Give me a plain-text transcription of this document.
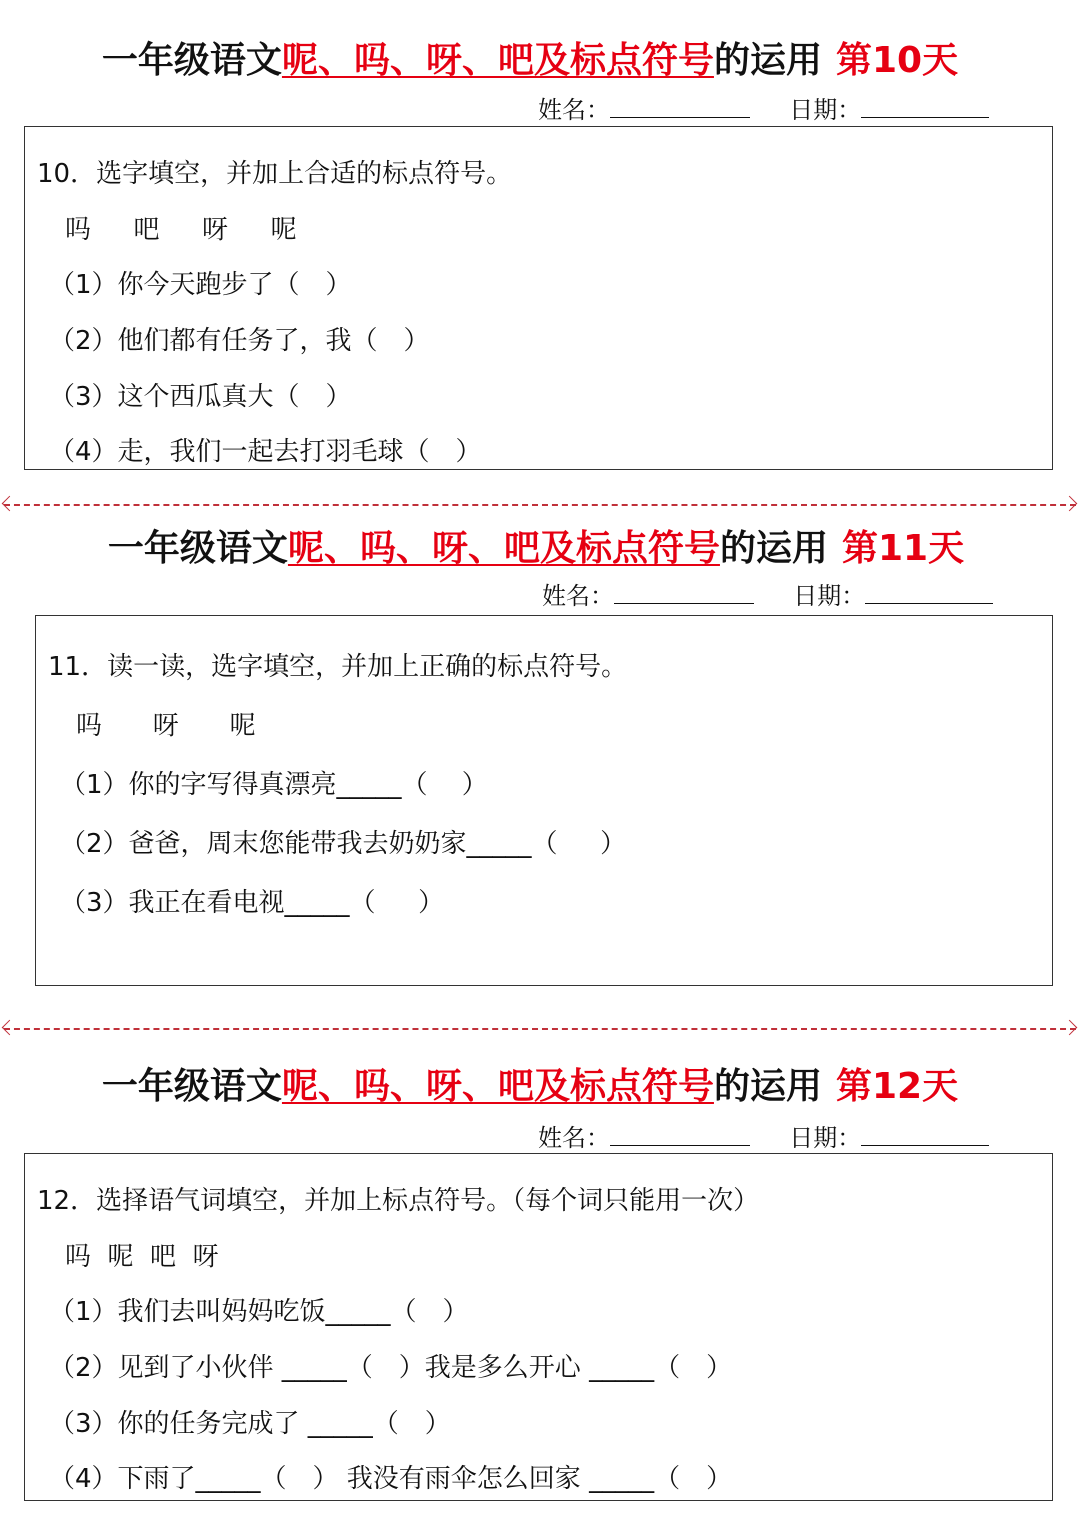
一年级语文呢、吗、呀、吧及标点符号的运用 第10天
姓名：	日期：
10．选字填空，并加上合适的标点符号。
吗　  吧　  呀　  呢
（1）你今天跑步了（　）
（2）他们都有任务了，我（　）
（3）这个西瓜真大（　）
（4）走，我们一起去打羽毛球（　）
一年级语文呢、吗、呀、吧及标点符号的运用 第11天
姓名：	日期：
11．读一读，选字填空，并加上正确的标点符号。
吗　   呀　   呢
（1）你的字写得真漂亮_____（　 ）
（2）爸爸，周末您能带我去奶奶家_____（　  ）
（3）我正在看电视_____（　  ）
一年级语文呢、吗、呀、吧及标点符号的运用 第12天
姓名：	日期：
12．选择语气词填空，并加上标点符号。（每个词只能用一次）
吗  呢  吧  呀
（1）我们去叫妈妈吃饭_____（　）
（2）见到了小伙伴 _____（　）我是多么开心 _____（　）
（3）你的任务完成了 _____（　）
（4）下雨了_____（　） 我没有雨伞怎么回家 _____（　）
